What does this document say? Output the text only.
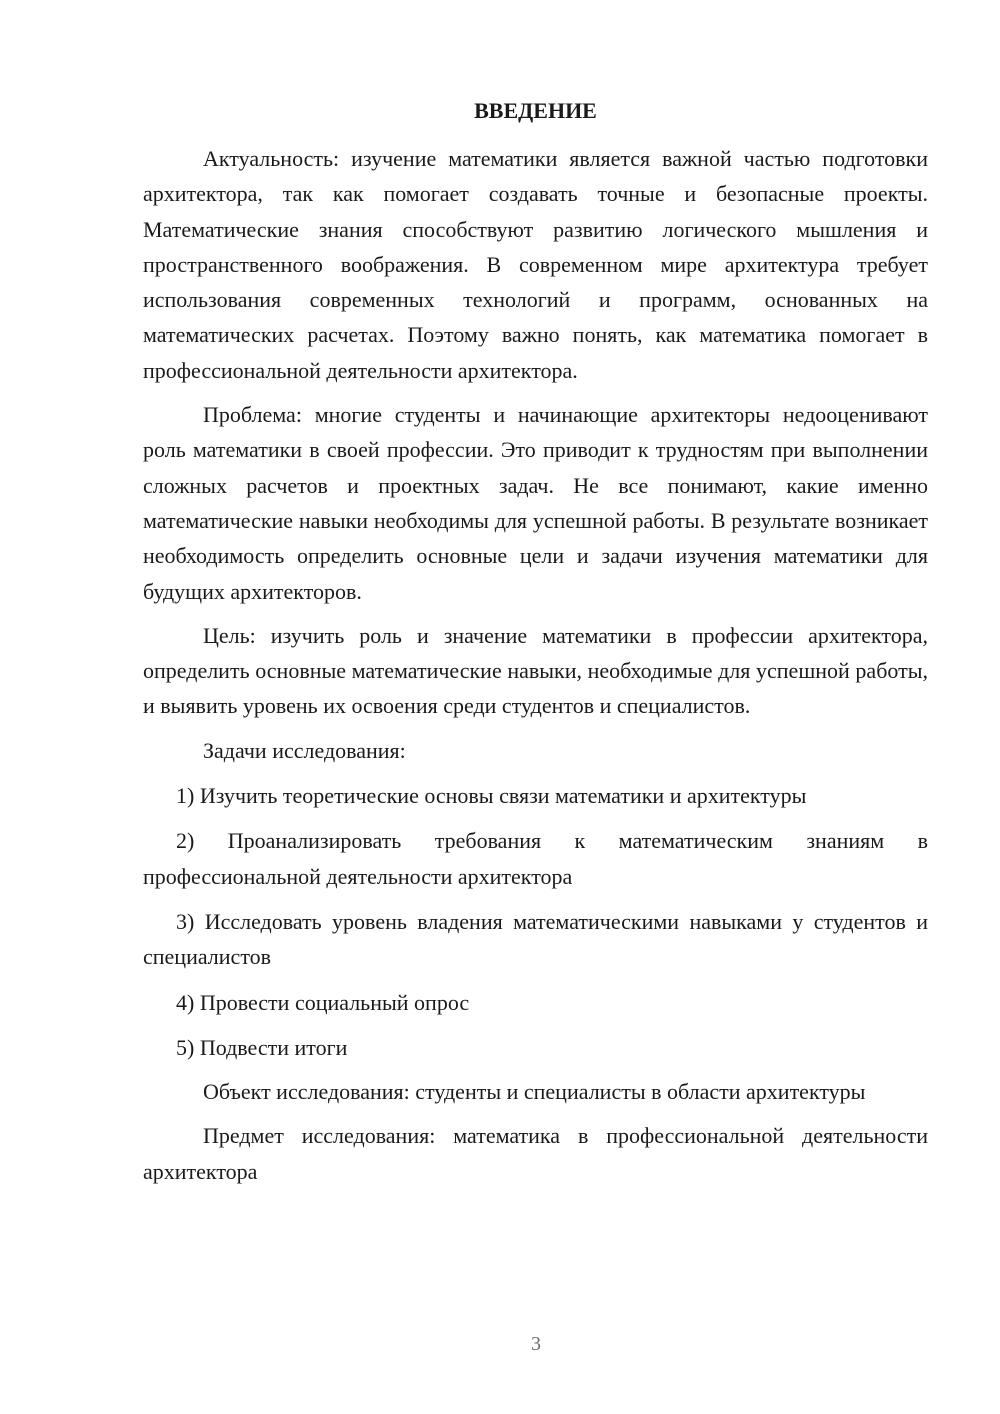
ВВЕДЕНИЕ

Актуальность: изучение математики является важной частью подготовки архитектора, так как помогает создавать точные и безопасные проекты. Математические знания способствуют развитию логического мышления и пространственного воображения. В современном мире архитектура требует использования современных технологий и программ, основанных на математических расчетах. Поэтому важно понять, как математика помогает в профессиональной деятельности архитектора.

Проблема: многие студенты и начинающие архитекторы недооценивают роль математики в своей профессии. Это приводит к трудностям при выполнении сложных расчетов и проектных задач. Не все понимают, какие именно математические навыки необходимы для успешной работы. В результате возникает необходимость определить основные цели и задачи изучения математики для будущих архитекторов.

Цель: изучить роль и значение математики в профессии архитектора, определить основные математические навыки, необходимые для успешной работы, и выявить уровень их освоения среди студентов и специалистов.

Задачи исследования:

1) Изучить теоретические основы связи математики и архитектуры

2) Проанализировать требования к математическим знаниям в профессиональной деятельности архитектора

3) Исследовать уровень владения математическими навыками у студентов и специалистов

4) Провести социальный опрос

5) Подвести итоги

Объект исследования: студенты и специалисты в области архитектуры

Предмет исследования: математика в профессиональной деятельности архитектора

3
